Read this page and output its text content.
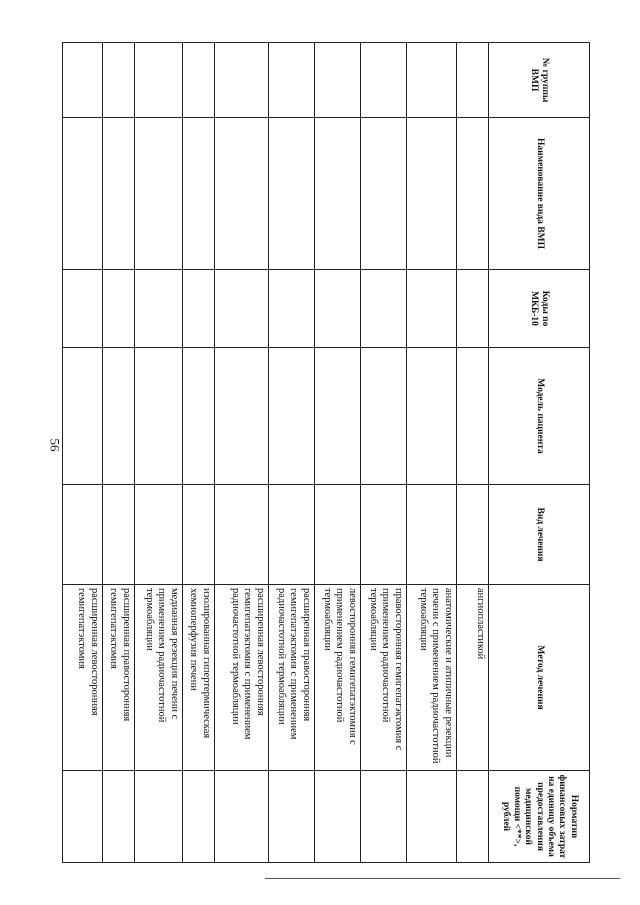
56
№ группы ВМП	Наименование вида ВМП	Коды по МКБ-10	Модель пациента	Вид лечения	Метод лечения	Норматив финансовых затрат на единицу объема предоставления медицинской помощи <**>, рублей
					ангиопластикой	
					анатомические и атипичные резекции печени с применением радиочастотной термоабляции	
					правосторонняя гемигепатэктомия с применением радиочастотной термоабляции	
					левосторонняя гемигепатэктомия с применением радиочастотной термоабляции	
					расширенная правосторонняя гемигепатэктомия с применением радиочастотной термоабляции	
					расширенная левосторонняя гемигепатэктомия с применением радиочастотной термоабляции	
					изолированная гипертермическая хемиоперфузия печени	
					медианная резекция печени с применением радиочастотной термоабляции	
					расширенная правосторонняя гемигепатэктомия	
					расширенная левосторонняя гемигепатэктомия	
